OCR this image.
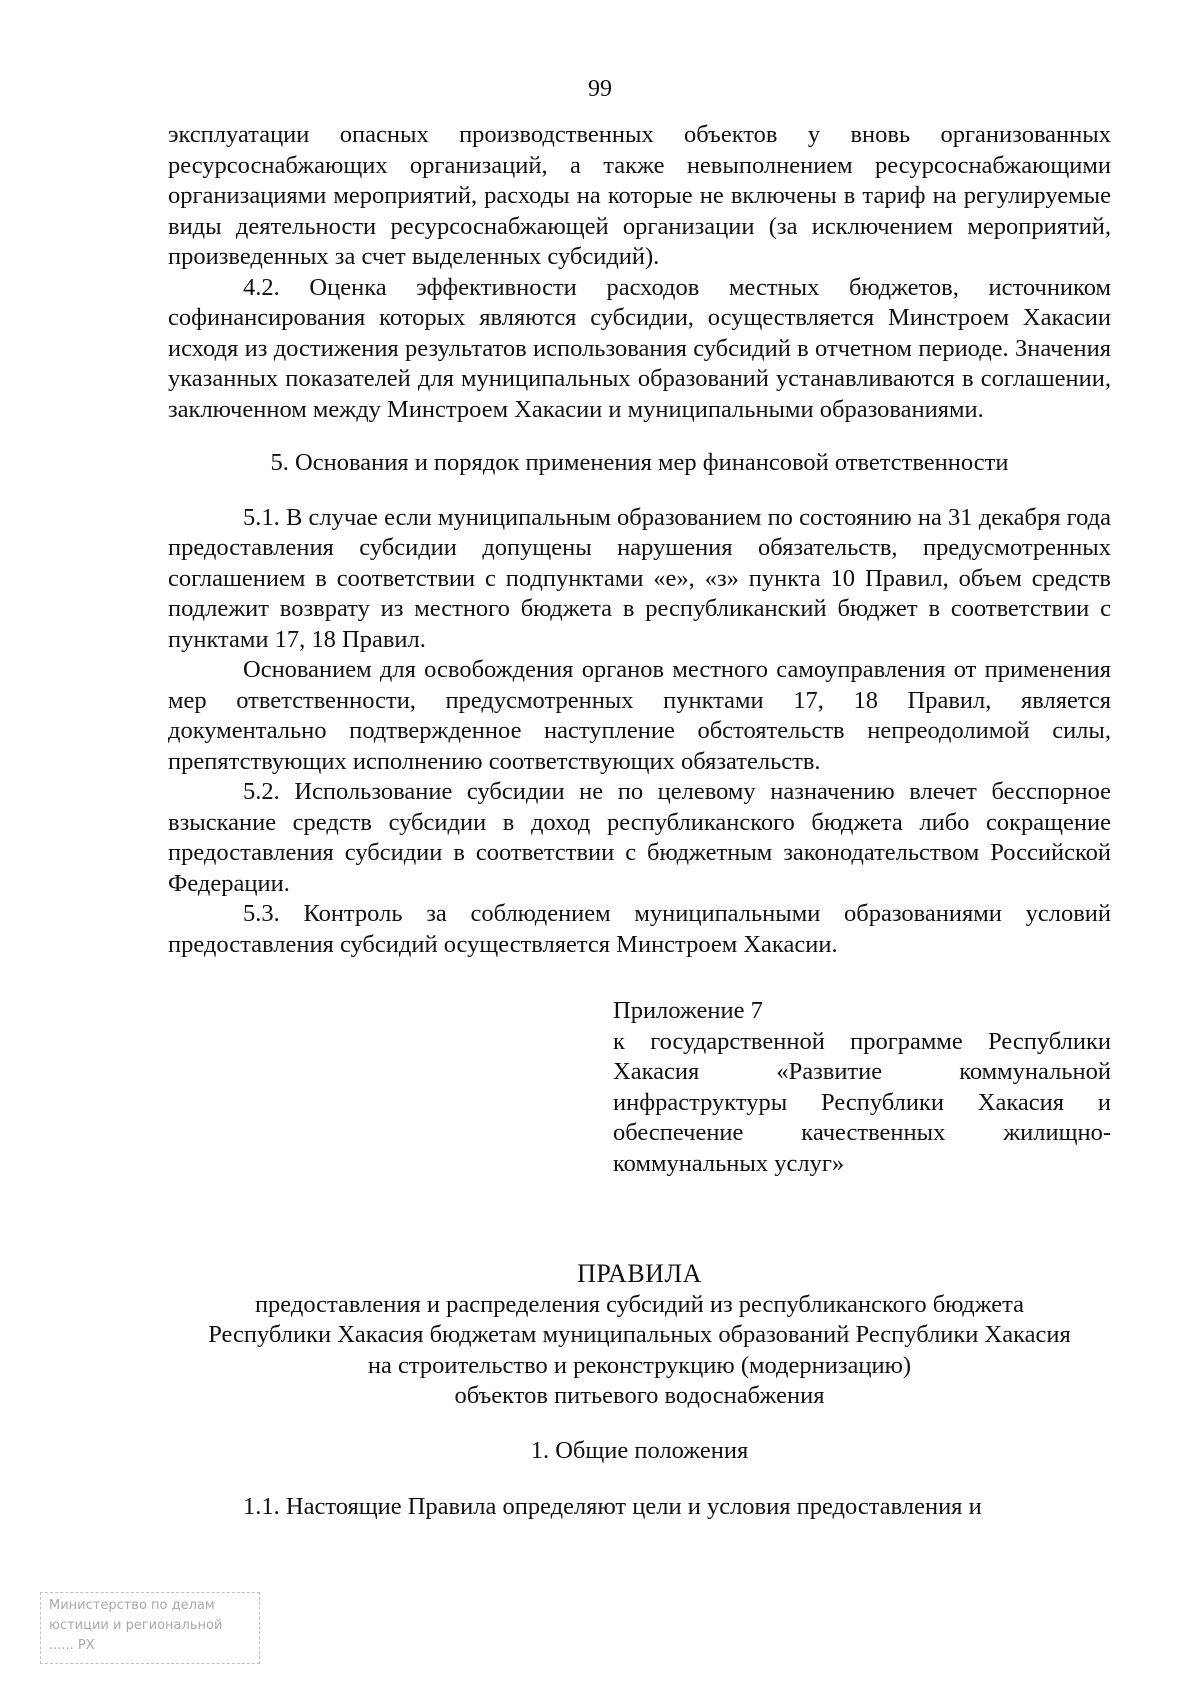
99

эксплуатации опасных производственных объектов у вновь организованных ресурсоснабжающих организаций, а также невыполнением ресурсоснабжающими организациями мероприятий, расходы на которые не включены в тариф на регулируемые виды деятельности ресурсоснабжающей организации (за исключением мероприятий, произведенных за счет выделенных субсидий).

4.2. Оценка эффективности расходов местных бюджетов, источником софинансирования которых являются субсидии, осуществляется Минстроем Хакасии исходя из достижения результатов использования субсидий в отчетном периоде. Значения указанных показателей для муниципальных образований устанавливаются в соглашении, заключенном между Минстроем Хакасии и муниципальными образованиями.

5. Основания и порядок применения мер финансовой ответственности

5.1. В случае если муниципальным образованием по состоянию на 31 декабря года предоставления субсидии допущены нарушения обязательств, предусмотренных соглашением в соответствии с подпунктами «е», «з» пункта 10 Правил, объем средств подлежит возврату из местного бюджета в республиканский бюджет в соответствии с пунктами 17, 18 Правил.

Основанием для освобождения органов местного самоуправления от применения мер ответственности, предусмотренных пунктами 17, 18 Правил, является документально подтвержденное наступление обстоятельств непреодолимой силы, препятствующих исполнению соответствующих обязательств.

5.2. Использование субсидии не по целевому назначению влечет бесспорное взыскание средств субсидии в доход республиканского бюджета либо сокращение предоставления субсидии в соответствии с бюджетным законодательством Российской Федерации.

5.3. Контроль за соблюдением муниципальными образованиями условий предоставления субсидий осуществляется Минстроем Хакасии.

Приложение 7

к государственной программе Республики Хакасия «Развитие коммунальной инфраструктуры Республики Хакасия и обеспечение качественных жилищно-коммунальных услуг»

ПРАВИЛА
предоставления и распределения субсидий из республиканского бюджета
Республики Хакасия бюджетам муниципальных образований Республики Хакасия
на строительство и реконструкцию (модернизацию)
объектов питьевого водоснабжения
1. Общие положения

1.1. Настоящие Правила определяют цели и условия предоставления и

Министерство по делам
юстиции и региональной
...... РХ
